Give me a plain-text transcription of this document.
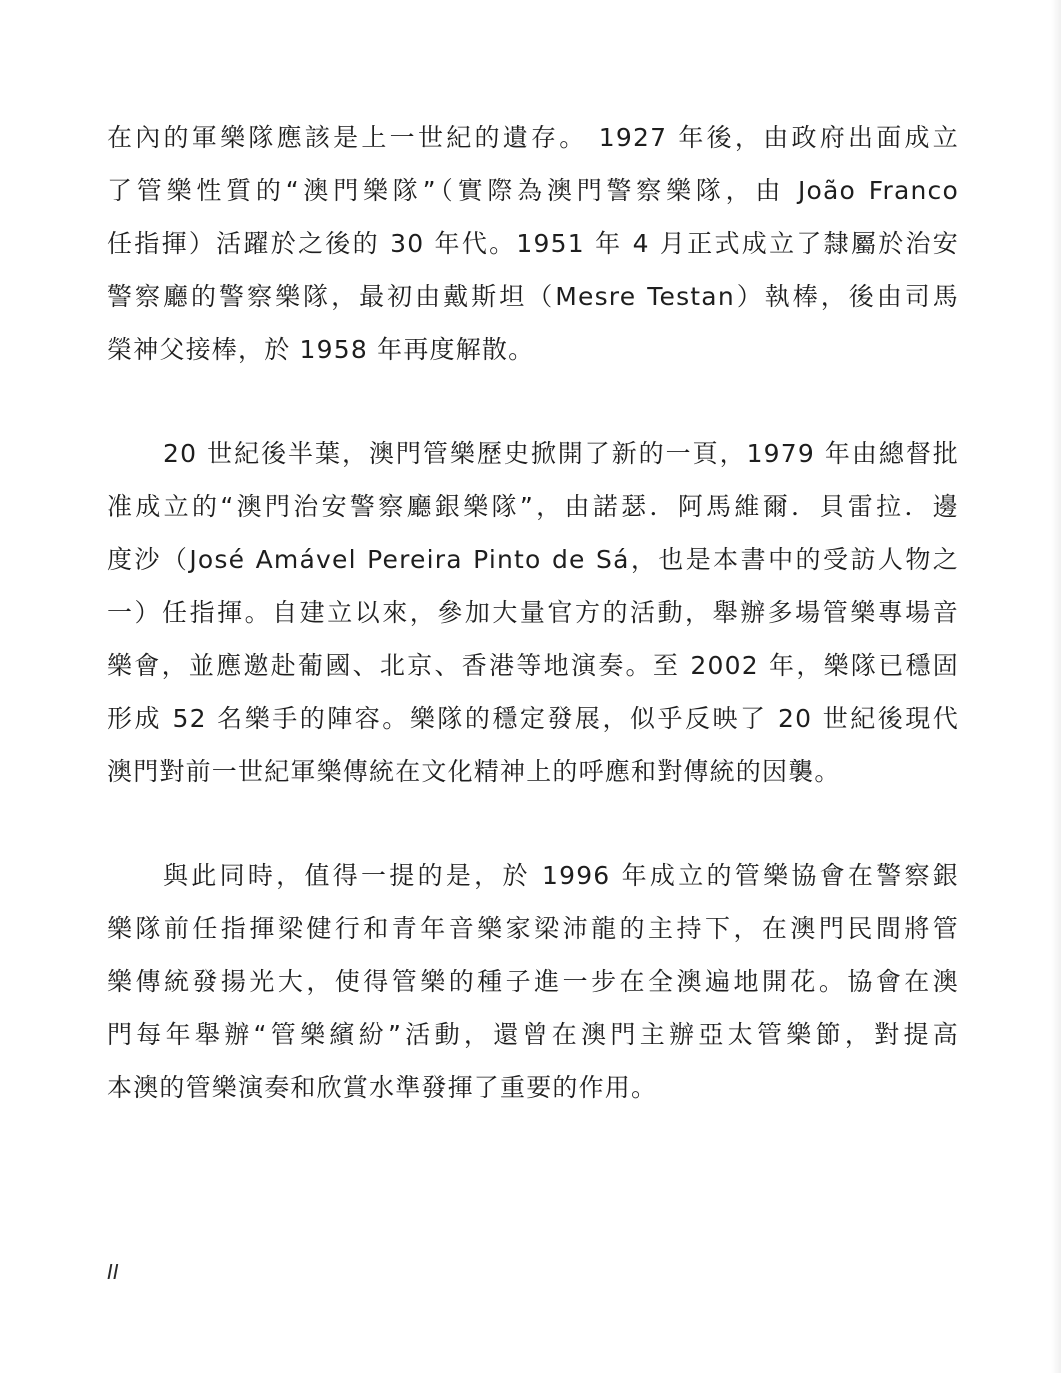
在內的軍樂隊應該是上一世紀的遺存。 1927 年後，由政府出面成立
了管樂性質的“澳門樂隊”（實際為澳門警察樂隊，由 João Franco
任指揮）活躍於之後的 30 年代。1951 年 4 月正式成立了隸屬於治安
警察廳的警察樂隊，最初由戴斯坦（Mesre Testan）執棒，後由司馬
榮神父接棒，於 1958 年再度解散。
20 世紀後半葉，澳門管樂歷史掀開了新的一頁，1979 年由總督批
准成立的“澳門治安警察廳銀樂隊”，由諾瑟．阿馬維爾．貝雷拉．邊
度沙（José Amável Pereira Pinto de Sá，也是本書中的受訪人物之
一）任指揮。自建立以來，參加大量官方的活動，舉辦多場管樂專場音
樂會，並應邀赴葡國、北京、香港等地演奏。至 2002 年，樂隊已穩固
形成 52 名樂手的陣容。樂隊的穩定發展，似乎反映了 20 世紀後現代
澳門對前一世紀軍樂傳統在文化精神上的呼應和對傳統的因襲。
與此同時，值得一提的是，於 1996 年成立的管樂協會在警察銀
樂隊前任指揮梁健行和青年音樂家梁沛龍的主持下，在澳門民間將管
樂傳統發揚光大，使得管樂的種子進一步在全澳遍地開花。協會在澳
門每年舉辦“管樂繽紛”活動，還曾在澳門主辦亞太管樂節，對提高
本澳的管樂演奏和欣賞水準發揮了重要的作用。
II
